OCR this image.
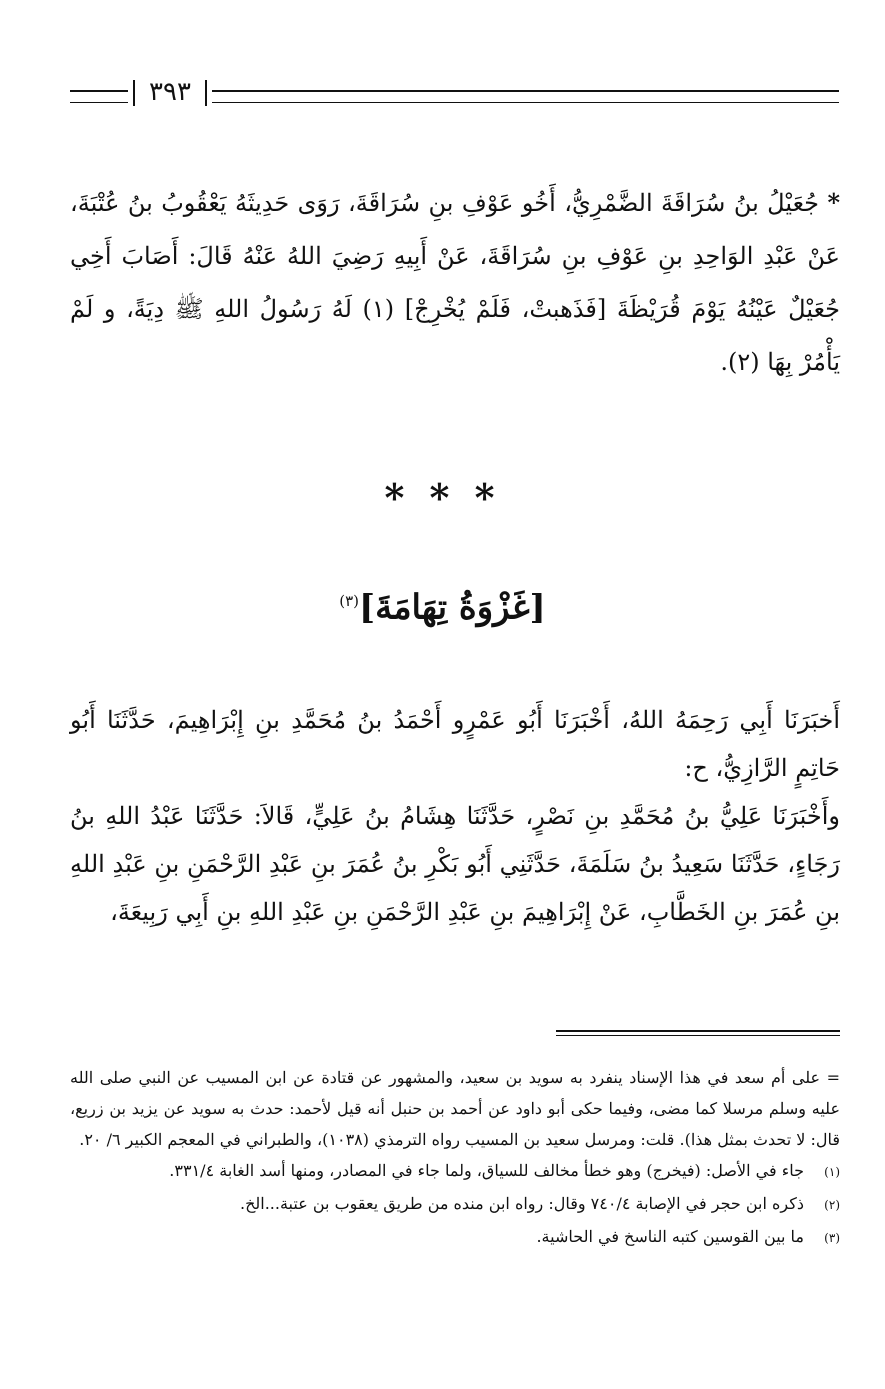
٣٩٣
* جُعَيْلُ بنُ سُرَاقَةَ الضَّمْرِيُّ، أَخُو عَوْفِ بنِ سُرَاقَةَ، رَوَى حَدِيثَهُ يَعْقُوبُ بنُ عُتْبَةَ، عَنْ عَبْدِ الوَاحِدِ بنِ عَوْفِ بنِ سُرَاقَةَ، عَنْ أَبِيهِ رَضِيَ اللهُ عَنْهُ قَالَ: أَصَابَ أَخِي جُعَيْلٌ عَيْنُهُ يَوْمَ قُرَيْظَةَ [فَذَهبتْ، فَلَمْ يُخْرِجْ] (١) لَهُ رَسُولُ اللهِ ﷺ دِيَةً، و لَمْ يَأْمُرْ بِهَا (٢).
* * *
[غَزْوَةُ تِهَامَةَ]$^{(٣)}$
أَخبَرَنَا أَبِي رَحِمَهُ اللهُ، أَخْبَرَنَا أَبُو عَمْرٍو أَحْمَدُ بنُ مُحَمَّدِ بنِ إِبْرَاهِيمَ، حَدَّثَنَا أَبُو حَاتِمٍ الرَّازِيُّ، ح:
وأَخْبَرَنَا عَلِيُّ بنُ مُحَمَّدِ بنِ نَصْرٍ، حَدَّثَنَا هِشَامُ بنُ عَلِيٍّ، قَالاَ: حَدَّثَنَا عَبْدُ اللهِ بنُ رَجَاءٍ، حَدَّثَنَا سَعِيدُ بنُ سَلَمَةَ، حَدَّثَنِي أَبُو بَكْرِ بنُ عُمَرَ بنِ عَبْدِ الرَّحْمَنِ بنِ عَبْدِ اللهِ بنِ عُمَرَ بنِ الخَطَّابِ، عَنْ إِبْرَاهِيمَ بنِ عَبْدِ الرَّحْمَنِ بنِ عَبْدِ اللهِ بنِ أَبِي رَبِيعَةَ،
= على أم سعد في هذا الإسناد ينفرد به سويد بن سعيد، والمشهور عن قتادة عن ابن المسيب عن النبي صلى الله عليه وسلم مرسلا كما مضى، وفيما حكى أبو داود عن أحمد بن حنبل أنه قيل لأحمد: حدث به سويد عن يزيد بن زريع، قال: لا تحدث بمثل هذا). قلت: ومرسل سعيد بن المسيب رواه الترمذي (١٠٣٨)، والطبراني في المعجم الكبير ٦/ ٢٠.
(١)
جاء في الأصل: (فيخرج) وهو خطأ مخالف للسياق، ولما جاء في المصادر، ومنها أسد الغابة ٣٣١/٤.
(٢)
ذكره ابن حجر في الإصابة ٧٤٠/٤ وقال: رواه ابن منده من طريق يعقوب بن عتبة...الخ.
(٣)
ما بين القوسين كتبه الناسخ في الحاشية.
